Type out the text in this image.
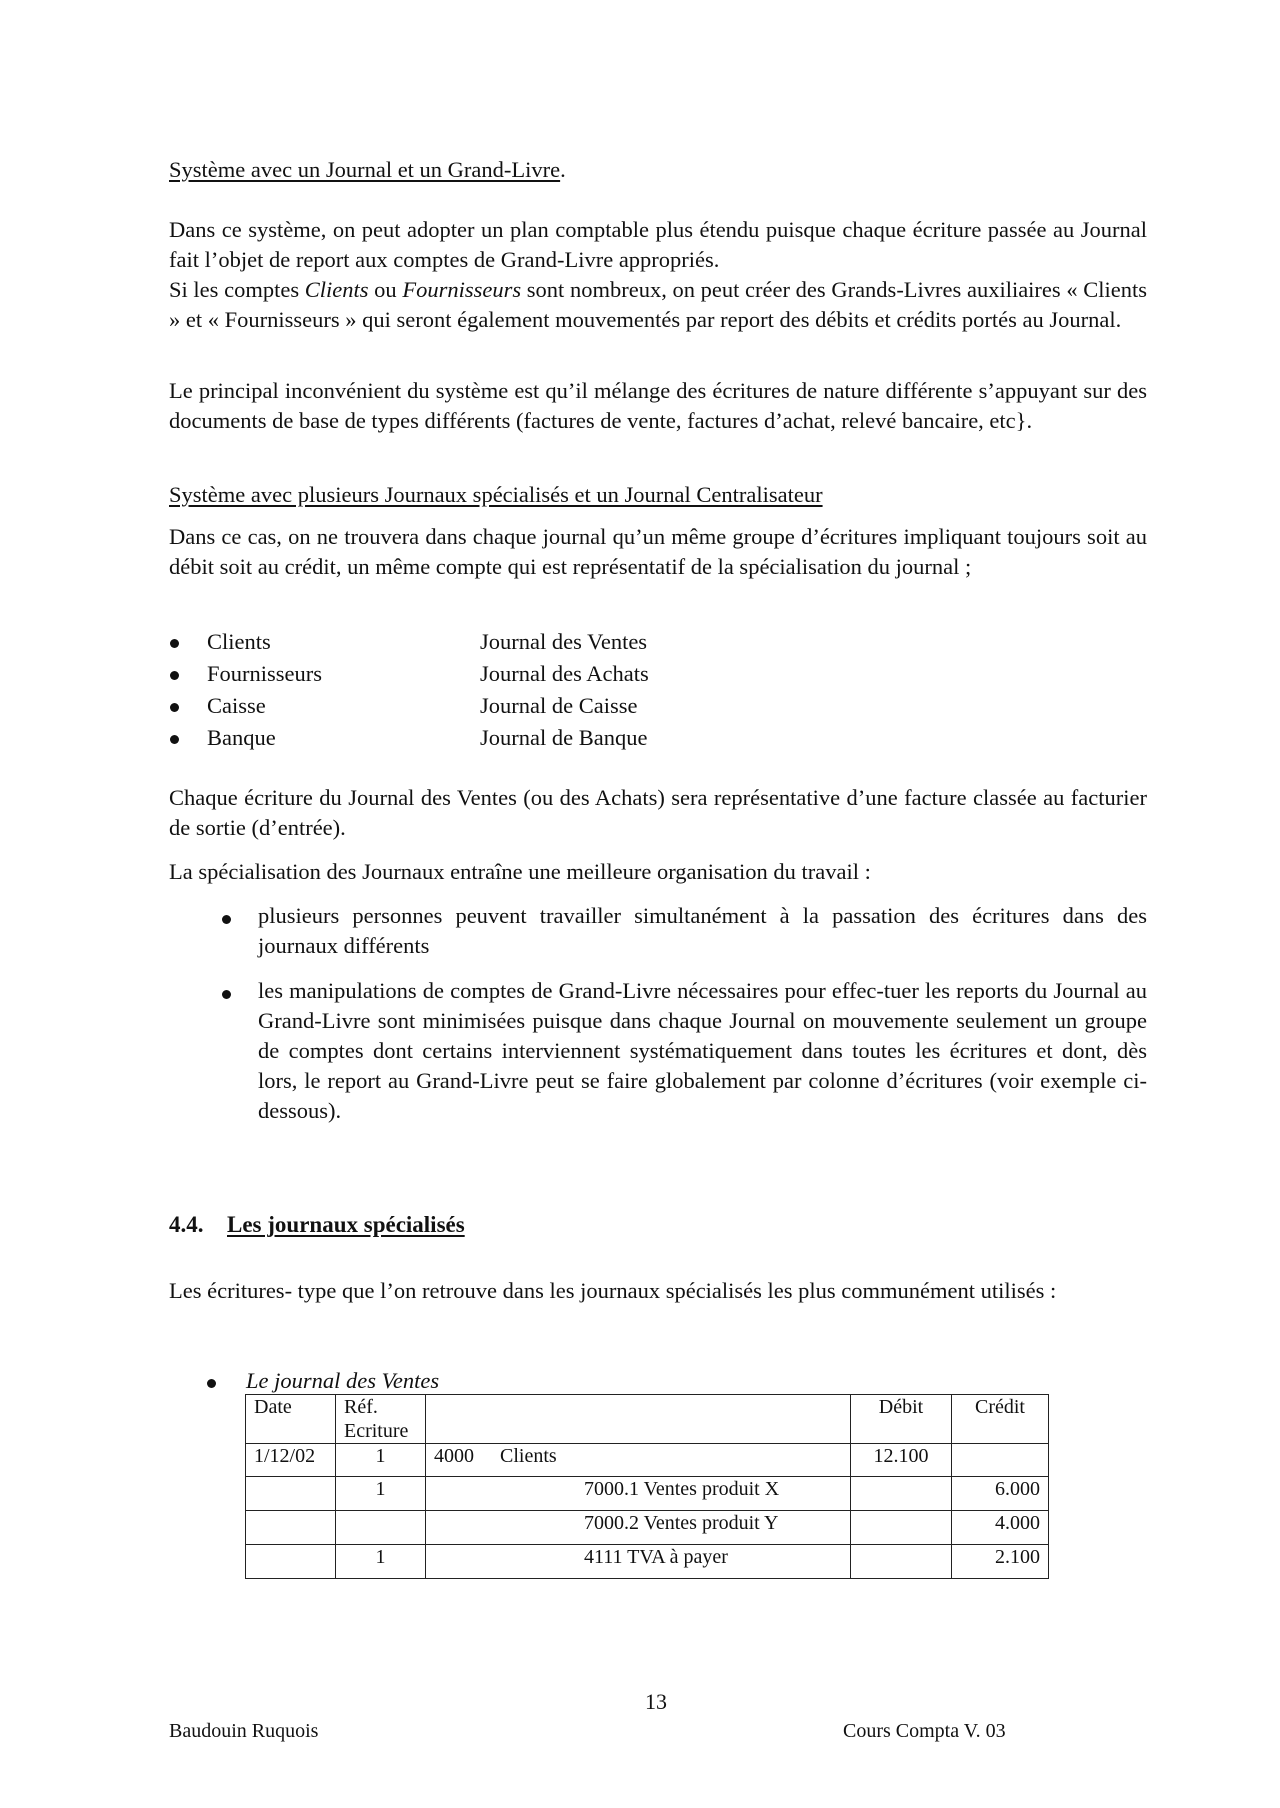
Système avec un Journal et un Grand-Livre.
Dans ce système, on peut adopter un plan comptable plus étendu puisque chaque écriture passée au Journal fait l’objet de report aux comptes de Grand-Livre appropriés.
Si les comptes Clients ou Fournisseurs sont nombreux, on peut créer des Grands-Livres auxiliaires « Clients » et « Fournisseurs » qui seront également mouvementés par report des débits et crédits portés au Journal.
Le principal inconvénient du système est qu’il mélange des écritures de nature différente s’appuyant sur des documents de base de types différents (factures de vente, factures d’achat, relevé bancaire, etc}.
Système avec plusieurs Journaux spécialisés et un Journal Centralisateur
Dans ce cas, on ne trouvera dans chaque journal qu’un même groupe d’écritures impliquant toujours soit au débit soit au crédit, un même compte qui est représentatif de la spécialisation du journal ;
Clients	Journal des Ventes
Fournisseurs	Journal des Achats
Caisse	Journal de Caisse
Banque	Journal de Banque
Chaque écriture du Journal des Ventes (ou des Achats) sera représentative d’une facture classée au facturier de sortie (d’entrée).
La spécialisation des Journaux entraîne une meilleure organisation du travail :
plusieurs personnes peuvent travailler simultanément à la passation des écritures dans des journaux différents
les manipulations de comptes de Grand-Livre nécessaires pour effec-tuer les reports du Journal au Grand-Livre sont minimisées puisque dans chaque Journal on mouvemente seulement un groupe de comptes dont certains interviennent systématiquement dans toutes les écritures et dont, dès lors, le report au Grand-Livre peut se faire globalement par colonne d’écritures (voir exemple ci-dessous).
4.4. Les journaux spécialisés
Les écritures- type que l’on retrouve dans les journaux spécialisés les plus communément utilisés :
Le journal des Ventes
Date	Réf. Ecriture		Débit	Crédit
1/12/02	1	4000 Clients	12.100	
	1	7000.1 Ventes produit X		6.000
		7000.2 Ventes produit Y		4.000
	1	4111 TVA à payer		2.100
13
Baudouin Ruquois	Cours Compta V. 03
